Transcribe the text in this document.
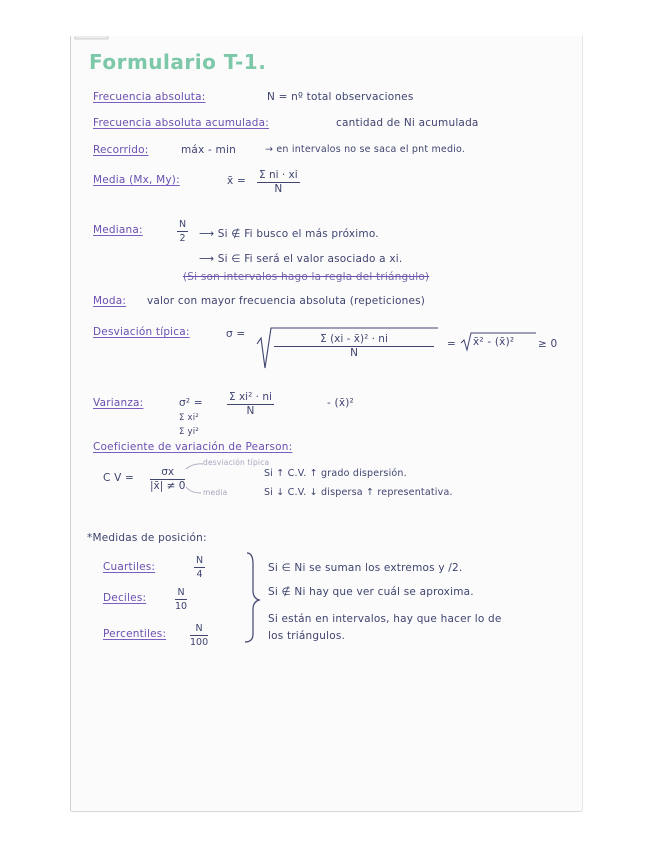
Formulario T-1.
Frecuencia absoluta:	N = nº total observaciones
Frecuencia absoluta acumulada:	cantidad de Ni acumulada
Recorrido:	máx - min	→ en intervalos no se saca el pnt medio.
Media (Mx, My):	x̄ = $\frac{\text{Σ ni · xi}}{N}$
Mediana:	$\frac{N}{2}$ ⟶ Si ∉ Fi busco el más próximo.
⟶ Si ∈ Fi será el valor asociado a xi.
(Si son intervalos hago la regla del triángulo)
Moda: valor con mayor frecuencia absoluta (repeticiones)
Desviación típica:	σ =	$\frac{\text{Σ (xi - x̄)² · ni}}{N}$ = x̄² - (x̄)² ≥ 0
Varianza:	$\sigma^2 = \frac{\text{Σ xi² · ni}}{N}$	- (x̄)²
Σ xi²
Σ yi²
Coeficiente de variación de Pearson:
C $V = \frac{\sigma x}{|x̄| \ne 0}$
desviación típica
media
Si ↑ C.V. ↑ grado dispersión.
Si ↓ C.V. ↓ dispersa ↑ representativa.
*Medidas de posición:
Cuartiles:	$\frac{N}{4}$
Deciles:	$\frac{N}{10}$
Percentiles:	$\frac{N}{100}$
Si ∈ Ni se suman los extremos y /2.
Si ∉ Ni hay que ver cuál se aproxima.
Si están en intervalos, hay que hacer lo de
los triángulos.
